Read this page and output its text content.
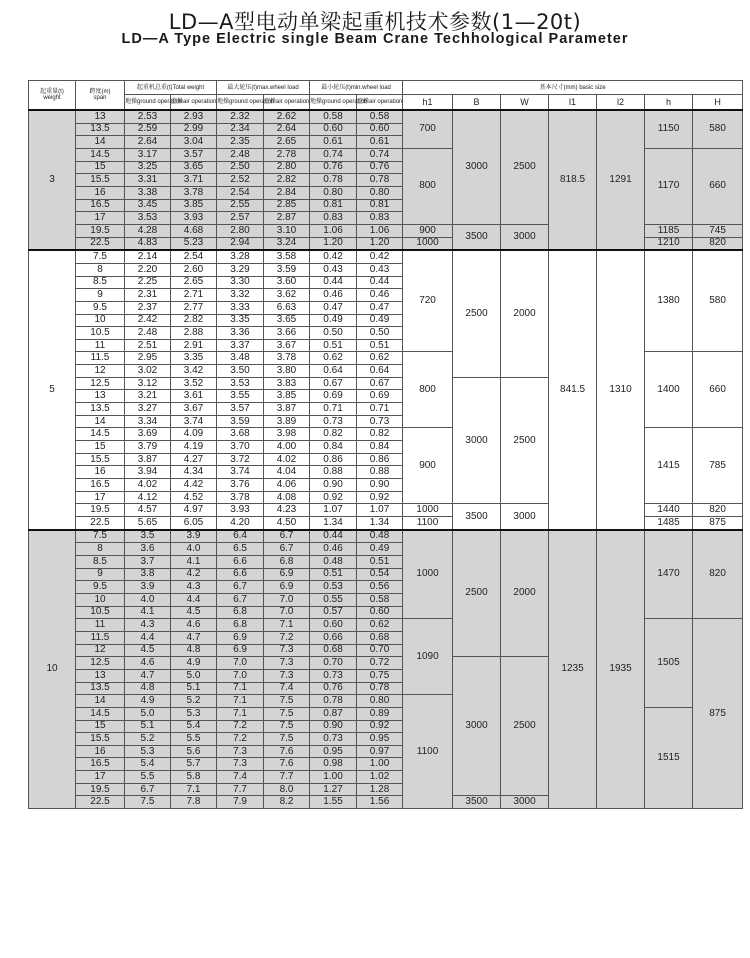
LD—A型电动单梁起重机技术参数(1—20t)
LD—A Type Electric single Beam Crane Techhological Parameter
起重量(t)
weight	跨度(m)
span	起重机总重(t)Total weight		最大轮压(t)max.wheel load		最小轮压(t)min.wheel load		基本尺寸(mm) basic size						
		地操ground operation	空操air operation	地操ground operation	空操air operation	地操ground operation	空操air operation	h1	B	W	l1	l2	h	H
3	13	2.53	2.93	2.32	2.62	0.58	0.58	700	3000	2500	818.5	1291	1150	580
	13.5	2.59	2.99	2.34	2.64	0.60	0.60							
	14	2.64	3.04	2.35	2.65	0.61	0.61							
	14.5	3.17	3.57	2.48	2.78	0.74	0.74	800					1170	660
	15	3.25	3.65	2.50	2.80	0.76	0.76							
	15.5	3.31	3.71	2.52	2.82	0.78	0.78							
	16	3.38	3.78	2.54	2.84	0.80	0.80							
	16.5	3.45	3.85	2.55	2.85	0.81	0.81							
	17	3.53	3.93	2.57	2.87	0.83	0.83							
	19.5	4.28	4.68	2.80	3.10	1.06	1.06	900	3500	3000			1185	745
	22.5	4.83	5.23	2.94	3.24	1.20	1.20	1000					1210	820
5	7.5	2.14	2.54	3.28	3.58	0.42	0.42	720	2500	2000	841.5	1310	1380	580
	8	2.20	2.60	3.29	3.59	0.43	0.43							
	8.5	2.25	2.65	3.30	3.60	0.44	0.44							
	9	2.31	2.71	3.32	3.62	0.46	0.46							
	9.5	2.37	2.77	3.33	6.63	0.47	0.47							
	10	2.42	2.82	3.35	3.65	0.49	0.49							
	10.5	2.48	2.88	3.36	3.66	0.50	0.50							
	11	2.51	2.91	3.37	3.67	0.51	0.51							
	11.5	2.95	3.35	3.48	3.78	0.62	0.62	800					1400	660
	12	3.02	3.42	3.50	3.80	0.64	0.64							
	12.5	3.12	3.52	3.53	3.83	0.67	0.67		3000	2500				
	13	3.21	3.61	3.55	3.85	0.69	0.69							
	13.5	3.27	3.67	3.57	3.87	0.71	0.71							
	14	3.34	3.74	3.59	3.89	0.73	0.73							
	14.5	3.69	4.09	3.68	3.98	0.82	0.82	900					1415	785
	15	3.79	4.19	3.70	4.00	0.84	0.84							
	15.5	3.87	4.27	3.72	4.02	0.86	0.86							
	16	3.94	4.34	3.74	4.04	0.88	0.88							
	16.5	4.02	4.42	3.76	4.06	0.90	0.90							
	17	4.12	4.52	3.78	4.08	0.92	0.92							
	19.5	4.57	4.97	3.93	4.23	1.07	1.07	1000	3500	3000			1440	820
	22.5	5.65	6.05	4.20	4.50	1.34	1.34	1100					1485	875
10	7.5	3.5	3.9	6.4	6.7	0.44	0.48	1000	2500	2000	1235	1935	1470	820
	8	3.6	4.0	6.5	6.7	0.46	0.49							
	8.5	3.7	4.1	6.6	6.8	0.48	0.51							
	9	3.8	4.2	6.6	6.9	0.51	0.54							
	9.5	3.9	4.3	6.7	6.9	0.53	0.56							
	10	4.0	4.4	6.7	7.0	0.55	0.58							
	10.5	4.1	4.5	6.8	7.0	0.57	0.60							
	11	4.3	4.6	6.8	7.1	0.60	0.62	1090					1505	875
	11.5	4.4	4.7	6.9	7.2	0.66	0.68							
	12	4.5	4.8	6.9	7.3	0.68	0.70							
	12.5	4.6	4.9	7.0	7.3	0.70	0.72		3000	2500				
	13	4.7	5.0	7.0	7.3	0.73	0.75							
	13.5	4.8	5.1	7.1	7.4	0.76	0.78							
	14	4.9	5.2	7.1	7.5	0.78	0.80	1100						
	14.5	5.0	5.3	7.1	7.5	0.87	0.89						1515	
	15	5.1	5.4	7.2	7.5	0.90	0.92							
	15.5	5.2	5.5	7.2	7.5	0.73	0.95							
	16	5.3	5.6	7.3	7.6	0.95	0.97							
	16.5	5.4	5.7	7.3	7.6	0.98	1.00							
	17	5.5	5.8	7.4	7.7	1.00	1.02							
	19.5	6.7	7.1	7.7	8.0	1.27	1.28							
	22.5	7.5	7.8	7.9	8.2	1.55	1.56		3500	3000				
